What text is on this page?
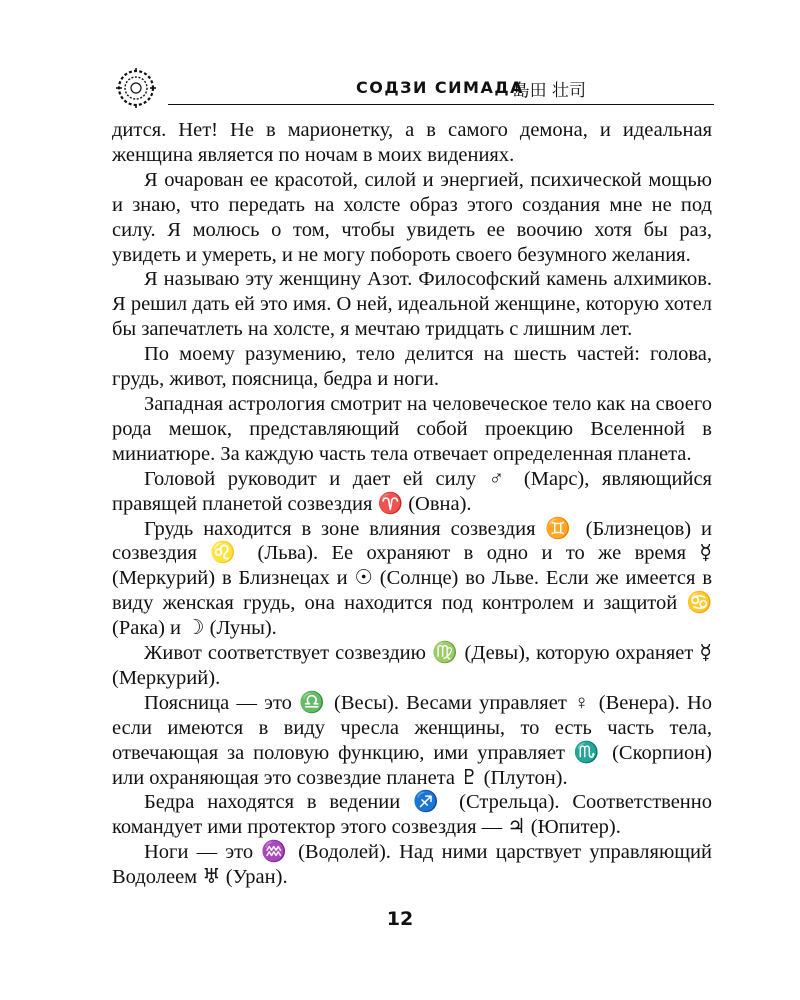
СОДЗИ СИМАДА
島田 壮司

дится. Нет! Не в марионетку, а в самого демона, и идеальная женщина является по ночам в моих видениях.

Я очарован ее красотой, силой и энергией, психической мощью и знаю, что передать на холсте образ этого создания мне не под силу. Я молюсь о том, чтобы увидеть ее воочию хотя бы раз, увидеть и умереть, и не могу побороть своего безумного желания.

Я называю эту женщину Азот. Философский камень алхимиков. Я решил дать ей это имя. О ней, идеальной женщине, которую хотел бы запечатлеть на холсте, я мечтаю тридцать с лишним лет.

По моему разумению, тело делится на шесть частей: голова, грудь, живот, поясница, бедра и ноги.

Западная астрология смотрит на человеческое тело как на своего рода мешок, представляющий собой проекцию Вселенной в миниатюре. За каждую часть тела отвечает определенная планета.

Головой руководит и дает ей силу ♂ (Марс), являющийся правящей планетой созвездия ♈ (Овна).

Грудь находится в зоне влияния созвездия ♊ (Близнецов) и созвездия ♌ (Льва). Ее охраняют в одно и то же время ☿ (Меркурий) в Близнецах и ☉ (Солнце) во Льве. Если же имеется в виду женская грудь, она находится под контролем и защитой ♋ (Рака) и ☽ (Луны).

Живот соответствует созвездию ♍ (Девы), которую охраняет ☿ (Меркурий).

Поясница — это ♎ (Весы). Весами управляет ♀ (Венера). Но если имеются в виду чресла женщины, то есть часть тела, отвечающая за половую функцию, ими управляет ♏ (Скорпион) или охраняющая это созвездие планета ♇ (Плутон).

Бедра находятся в ведении ♐ (Стрельца). Соответственно командует ими протектор этого созвездия — ♃ (Юпитер).

Ноги — это ♒ (Водолей). Над ними царствует управляющий Водолеем ♅ (Уран).

12
